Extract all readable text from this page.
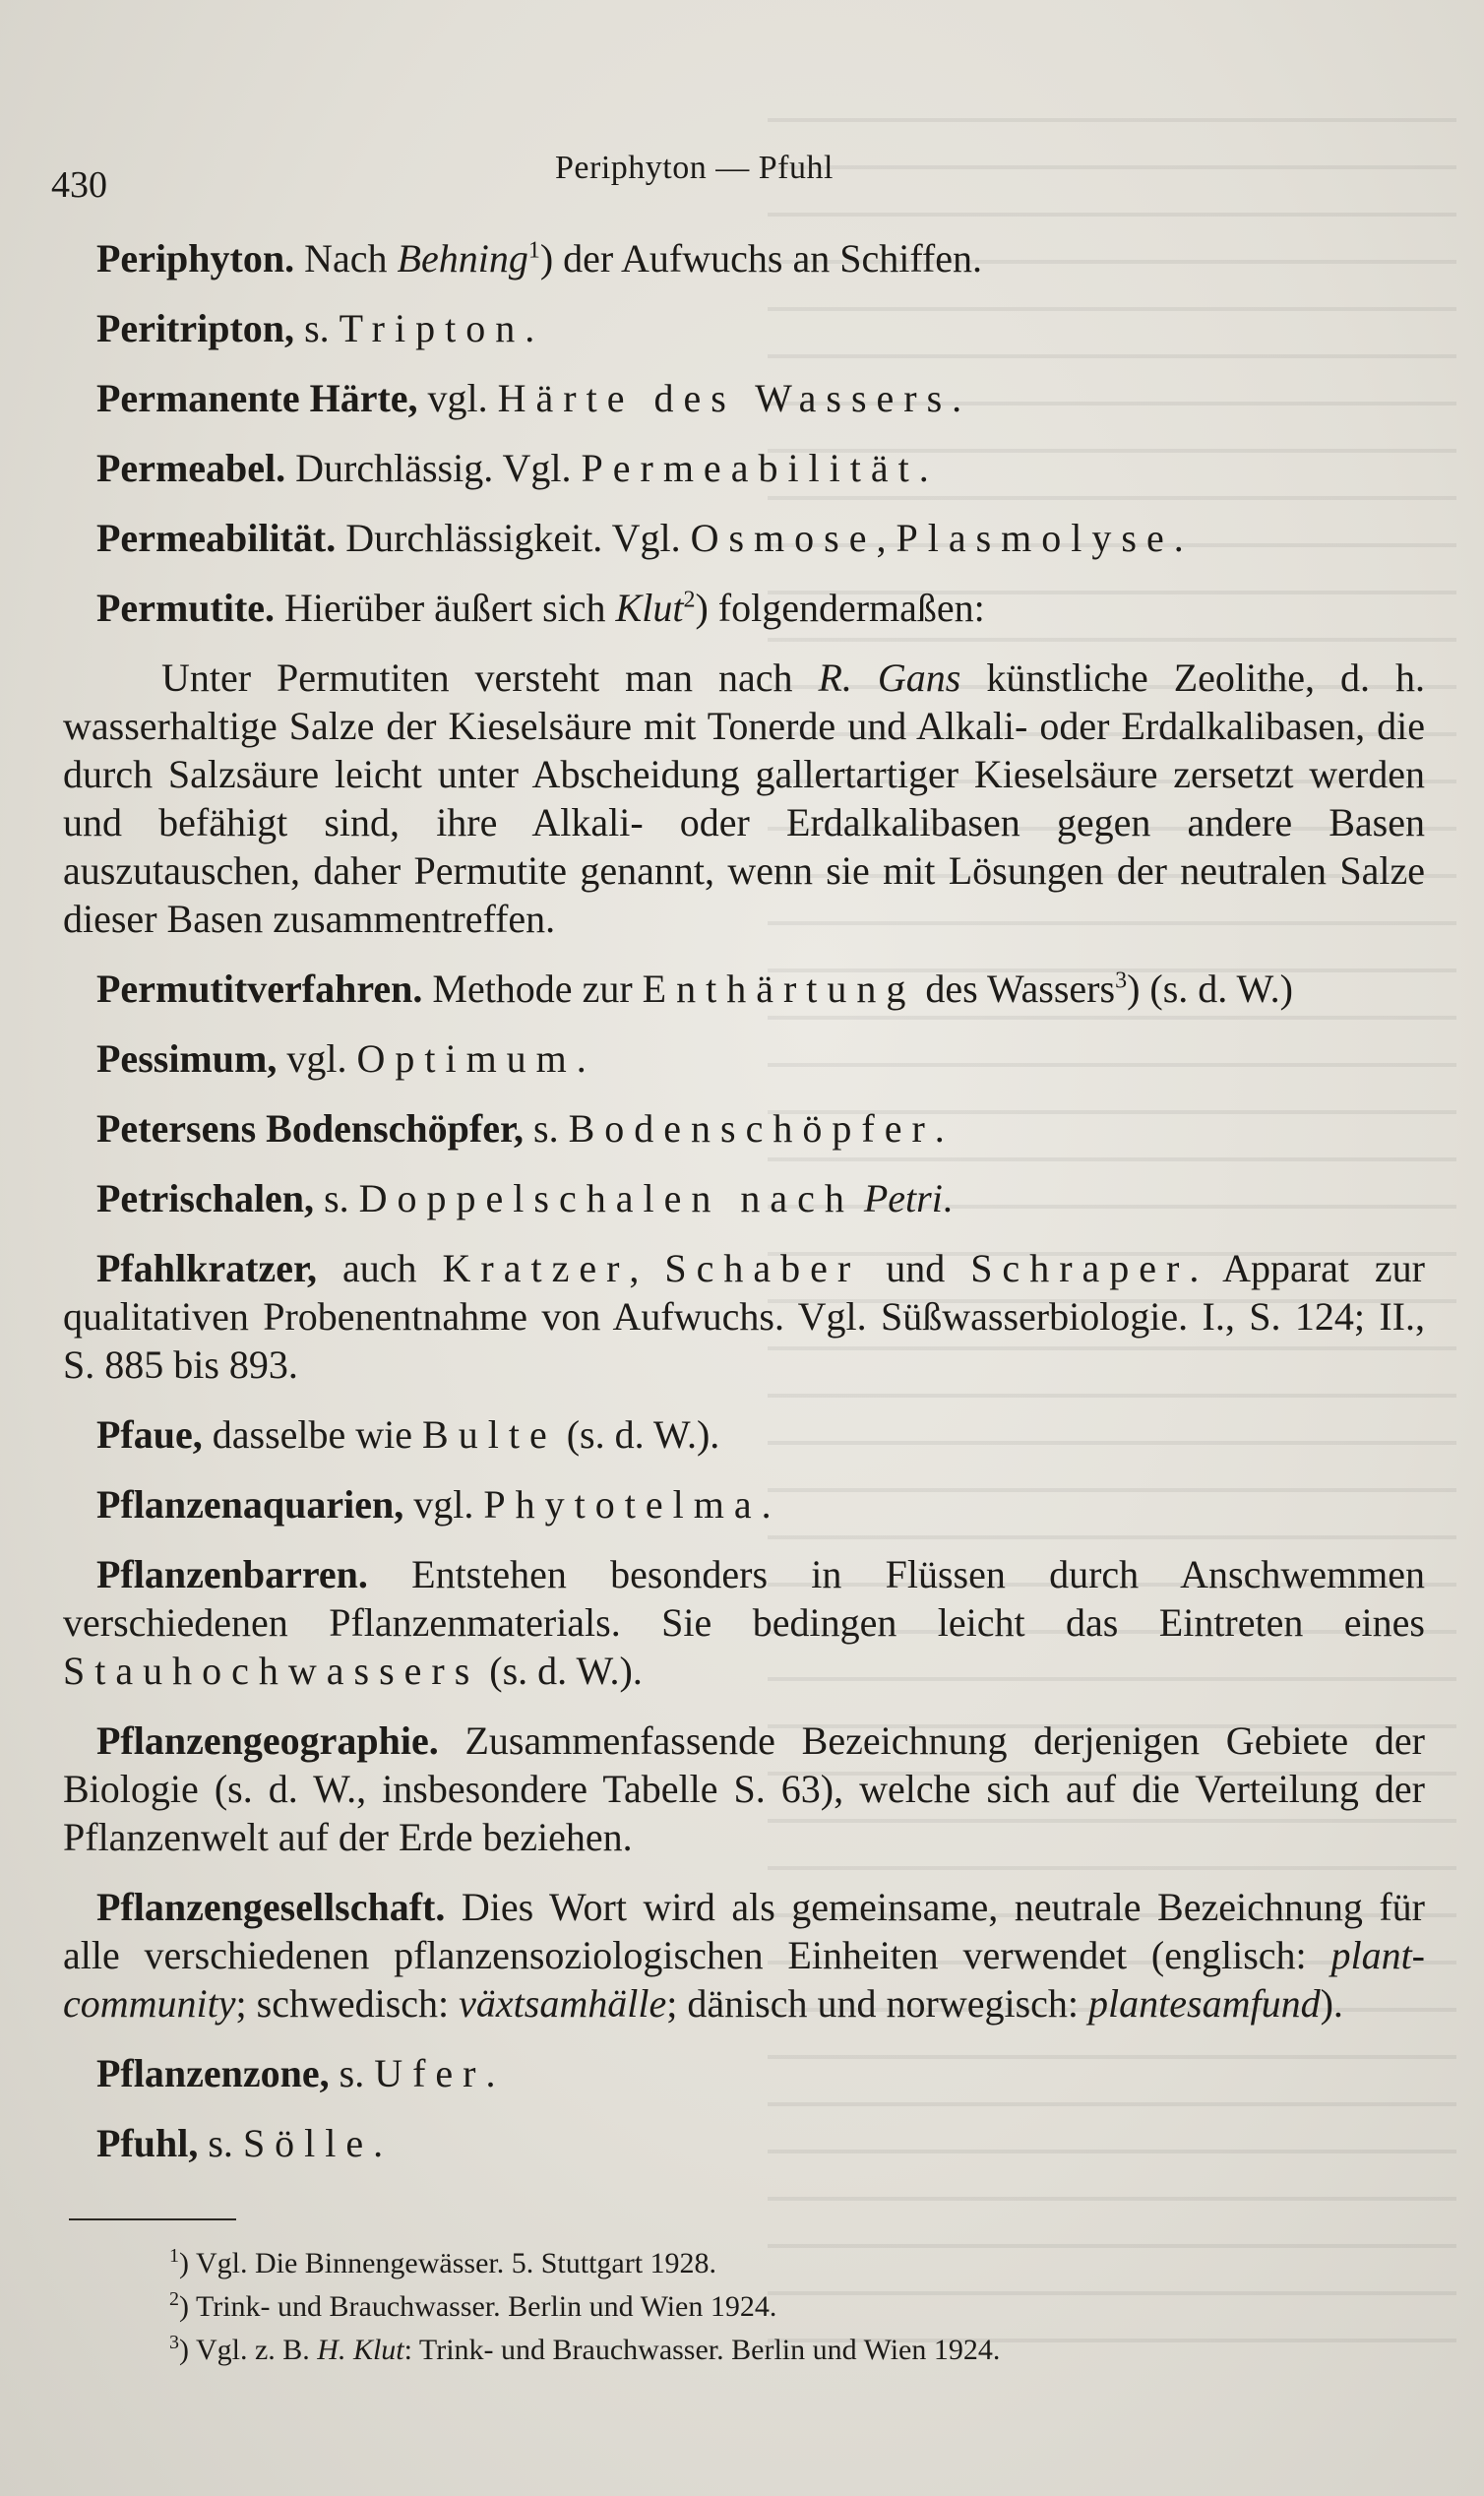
430	Periphyton — Pfuhl

Periphyton. Nach Behning$^1$) der Aufwuchs an Schiffen.

Peritripton, s. Tripton.

Permanente Härte, vgl. Härte des Wassers.

Permeabel. Durchlässig. Vgl. Permeabilität.

Permeabilität. Durchlässigkeit. Vgl. Osmose, Plasmolyse.

Permutite. Hierüber äußert sich Klut$^2$) folgendermaßen:

Unter Permutiten versteht man nach R. Gans künstliche Zeolithe, d. h. wasserhaltige Salze der Kieselsäure mit Tonerde und Alkali- oder Erdalkalibasen, die durch Salzsäure leicht unter Abscheidung gallertartiger Kieselsäure zersetzt werden und befähigt sind, ihre Alkali- oder Erdalkalibasen gegen andere Basen auszutauschen, daher Permutite genannt, wenn sie mit Lösungen der neutralen Salze dieser Basen zusammentreffen.

Permutitverfahren. Methode zur Enthärtung des Wassers$^3$) (s. d. W.)

Pessimum, vgl. Optimum.

Petersens Bodenschöpfer, s. Bodenschöpfer.

Petrischalen, s. Doppelschalen nach Petri.

Pfahlkratzer, auch Kratzer, Schaber und Schraper. Apparat zur qualitativen Probenentnahme von Aufwuchs. Vgl. Süßwasserbiologie. I., S. 124; II., S. 885 bis 893.

Pfaue, dasselbe wie Bulte (s. d. W.).

Pflanzenaquarien, vgl. Phytotelma.

Pflanzenbarren. Entstehen besonders in Flüssen durch Anschwemmen verschiedenen Pflanzenmaterials. Sie bedingen leicht das Eintreten eines Stauhochwassers (s. d. W.).

Pflanzengeographie. Zusammenfassende Bezeichnung derjenigen Gebiete der Biologie (s. d. W., insbesondere Tabelle S. 63), welche sich auf die Verteilung der Pflanzenwelt auf der Erde beziehen.

Pflanzengesellschaft. Dies Wort wird als gemeinsame, neutrale Bezeichnung für alle verschiedenen pflanzensoziologischen Einheiten verwendet (englisch: plant-community; schwedisch: växtsamhälle; dänisch und norwegisch: plantesamfund).

Pflanzenzone, s. Ufer.

Pfuhl, s. Sölle.

$^1$) Vgl. Die Binnengewässer. 5. Stuttgart 1928.

$^2$) Trink- und Brauchwasser. Berlin und Wien 1924.

$^3$) Vgl. z. B. H. Klut: Trink- und Brauchwasser. Berlin und Wien 1924.
